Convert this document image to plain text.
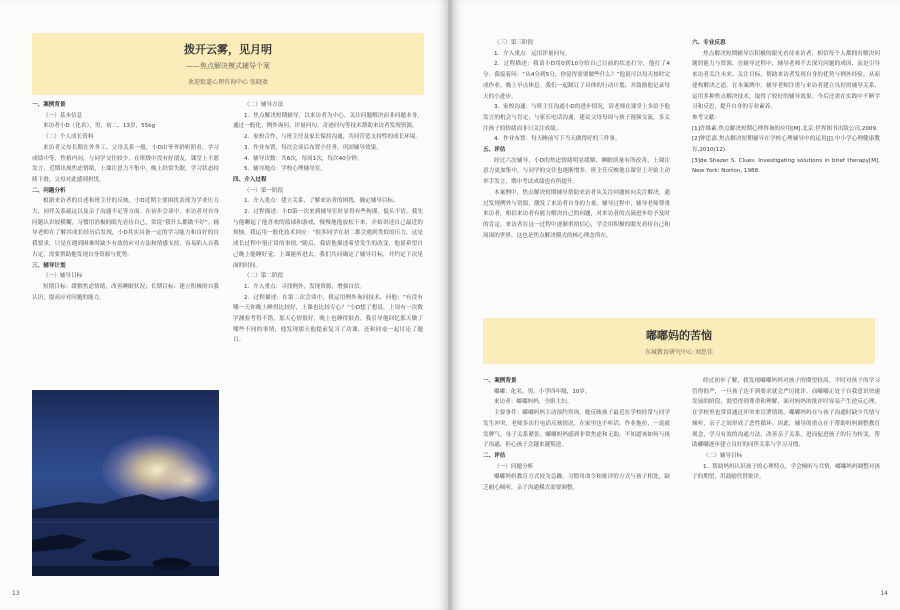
拨开云雾，见月明
——焦点解决模式辅导个案
欢迎街道心理咨询中心 张晓欢

一、案例背景

（一）基本信息

来访者小D（化名），男，初二，13岁，55kg

（二）个人成长资料

来访者父母长期在外务工，父母关系一般，小D由爷爷奶奶照看，学习成绩中等，性格内向，与同学交往较少，在班级中没有好朋友，课堂上不愿发言，近期出现焦虑情绪，上课注意力不集中，晚上经常失眠，学习状态持续下滑，父母对此感到担忧。

二、问题分析

根据来访者的自述和班主任的反映，小D近期主要困扰表现为学业压力大、同伴关系疏远以及亲子沟通不足等方面。在初步会谈中，来访者对自身问题认识较模糊，习惯用消极的眼光看待自己，常说“我什么都做不好”。辅导老师在了解其成长经历后发现，小D其实具备一定的学习能力和良好的自我要求，只是在遇到困难时缺少有效的应对方法和情感支持，容易陷入自我否定，需要帮助他发现自身资源与优势。

三、辅导计划

（一）辅导目标

短期目标：缓解焦虑情绪，改善睡眠状况；长期目标：建立积极的自我认识，提高应对问题的能力。

（二）辅导方法

1．焦点解决短期辅导，以来访者为中心，关注问题解决而非问题本身，通过一般化、例外询问、评量问句、奇迹问句等技术帮助来访者发现资源。

2．家校合作，与班主任及家长保持沟通，共同营造支持性的成长环境。

3．作业布置，每次会谈后布置小任务，巩固辅导效果。

4．辅导次数：共6次，每周1次，每次40分钟。

5．辅导地点：学校心理辅导室。

四、介入过程

（一）第一阶段

1．介入重点：建立关系，了解来访者的困扰，确定辅导目标。

2．过程描述：小D第一次来到辅导室时显得有些拘谨，低头不语。我先与他聊起了他喜欢的篮球和游戏，慢慢地他放松下来，开始讲述自己最近的烦恼。我运用一般化技术回应：“很多同学在初二都会遇到类似的压力，这是成长过程中很正常的事情。”随后，我请他描述希望发生的改变，他说希望自己晚上能睡好觉，上课能听进去。我们共同确定了辅导目标，并约定下次见面的时间。

（二）第二阶段

1．介入重点：寻找例外，发现资源，增强自信。

2．过程描述：在第二次会谈中，我运用例外询问技术，问他：“有没有哪一天你晚上睡得比较好，上课也比较专心？”小D想了想说，上周有一次数学测验考得不错，那天心情很好，晚上也睡得很香。我引导他回忆那天做了哪些不同的事情，他发现那天他提前复习了功课，还和同桌一起讨论了题目。

13

（三）第三阶段

1．介入重点：运用评量问句。

2．过程描述：我请小D用0到10分给自己目前的状态打分，他打了4分。我接着问：“从4分到5分，你觉得需要做些什么？”他说可以每天按时完成作业，晚上早点休息。我们一起制订了具体的行动计划，并鼓励他记录每天的小进步。

3．家校沟通：与班主任沟通小D的进步情况，请老师在课堂上多给予他发言的机会与肯定；与家长电话沟通，建议父母每周与孩子视频交流，多关注孩子的情绪而非只关注成绩。

4．作业布置：每天睡前写下当天做得好的三件事。

五、评估

经过六次辅导，小D的焦虑情绪明显缓解，睡眠质量有所改善，上课注意力更加集中，与同学的交往也逐渐增多。班主任反映他在课堂上开始主动举手发言，期中考试成绩也有所提升。

本案例中，焦点解决短期辅导帮助来访者从关注问题转向关注解决，通过发现例外与资源，激发了来访者自身的力量。辅导过程中，辅导老师尊重来访者，相信来访者有能力解决自己的问题，对来访者的点滴进步给予及时的肯定。来访者在这一过程中逐渐重拾信心，学会用积极的眼光看待自己和周围的世界，这也是焦点解决模式的核心理念所在。

六、专业反思

焦点解决短期辅导以积极的眼光看待来访者，相信每个人都拥有解决问题的能力与资源。在辅导过程中，辅导老师不去深究问题的成因，而是引导来访者关注未来、关注目标，帮助来访者发现自身的优势与例外经验，从而建构解决之道。在本案例中，辅导老师注重与来访者建立良好的辅导关系，运用多种焦点解决技术，取得了较好的辅导效果。今后还需在实践中不断学习和反思，提升自身的专业素养。

参考文献：

[1]许维素.焦点解决短期心理咨询的应用[M].北京:世界图书出版公司,2009.

[2]钟思嘉.焦点解决短期辅导在学校心理辅导中的运用[J].中小学心理健康教育,2010(12).

[3]de Shazer S. Clues: Investigating solutions in brief therapy[M]. New York: Norton, 1988.

嘟嘟妈的苦恼
东城教育研究中心 刘思佳

一、案例背景

嘟嘟：化名，男，小学四年级，10岁。

来访者：嘟嘟妈妈，全职主妇。

主要事件：嘟嘟妈妈主动预约咨询，她反映孩子最近在学校经常与同学发生冲突，老师多次打电话反映情况，在家里也不听话，作业拖拉，一说就发脾气，母子关系紧张。嘟嘟妈妈感到非常焦虑和无助，不知道该如何与孩子沟通，担心孩子会越来越叛逆。

二、评估

（一）问题分析

嘟嘟妈妈教育方式较为急躁，习惯用命令和批评的方式与孩子相处，缺乏耐心倾听，亲子沟通模式需要调整。

经过初步了解，我发现嘟嘟妈妈对孩子的期望较高，平时对孩子的学习管得很严，一旦孩子达不到要求就会严厉批评。而嘟嘟正处于自我意识快速发展的阶段，渴望得到尊重和理解，面对妈妈的批评时容易产生逆反心理，在学校里也常常通过冲突来宣泄情绪。嘟嘟妈妈在与孩子沟通时缺少共情与倾听，亲子之间形成了恶性循环。因此，辅导的重点在于帮助妈妈调整教育观念，学习有效的沟通方法，改善亲子关系，进而促进孩子的行为转变，帮助嘟嘟逐步建立良好的同伴关系与学习习惯。

（二）辅导目标

1．帮助妈妈认识孩子的心理特点，学会倾听与共情，嘟嘟妈妈调整对孩子的期望，用鼓励代替批评。

14
